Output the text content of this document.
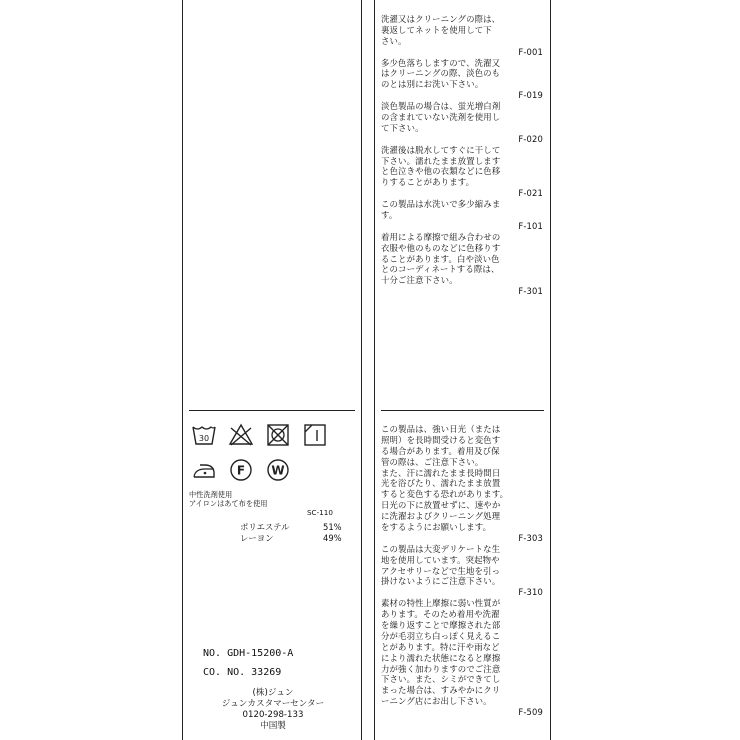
30
F W
中性洗剤使用
アイロンはあて布を使用
SC-110
ポリエステル	51%
レーヨン	49%
NO. GDH-15200-A
CO. NO. 33269
(株)ジュン
ジュンカスタマーセンター
0120-298-133
中国製
洗濯又はクリーニングの際は、
裏返してネットを使用して下
さい。
F-001
多少色落ちしますので、洗濯又
はクリーニングの際、淡色のも
のとは別にお洗い下さい。
F-019
淡色製品の場合は、蛍光増白剤
の含まれていない洗剤を使用し
て下さい。
F-020
洗濯後は脱水してすぐに干して
下さい。濡れたまま放置します
と色泣きや他の衣類などに色移
りすることがあります。
F-021
この製品は水洗いで多少縮みま
す。
F-101
着用による摩擦で組み合わせの
衣服や他のものなどに色移りす
ることがあります。白や淡い色
とのコーディネートする際は、
十分ご注意下さい。
F-301
この製品は、強い日光（または
照明）を長時間受けると変色す
る場合があります。着用及び保
管の際は、ご注意下さい。
また、汗に濡れたまま長時間日
光を浴びたり、濡れたまま放置
すると変色する恐れがあります。
日光の下に放置せずに、速やか
に洗濯およびクリーニング処理
をするようにお願いします。
F-303
この製品は大変デリケートな生
地を使用しています。突起物や
アクセサリーなどで生地を引っ
掛けないようにご注意下さい。
F-310
素材の特性上摩擦に弱い性質が
あります。そのため着用や洗濯
を繰り返すことで摩擦された部
分が毛羽立ち白っぽく見えるこ
とがあります。特に汗や雨など
により濡れた状態になると摩擦
力が強く加わりますのでご注意
下さい。また、シミができてし
まった場合は、すみやかにクリ
ーニング店にお出し下さい。
F-509
